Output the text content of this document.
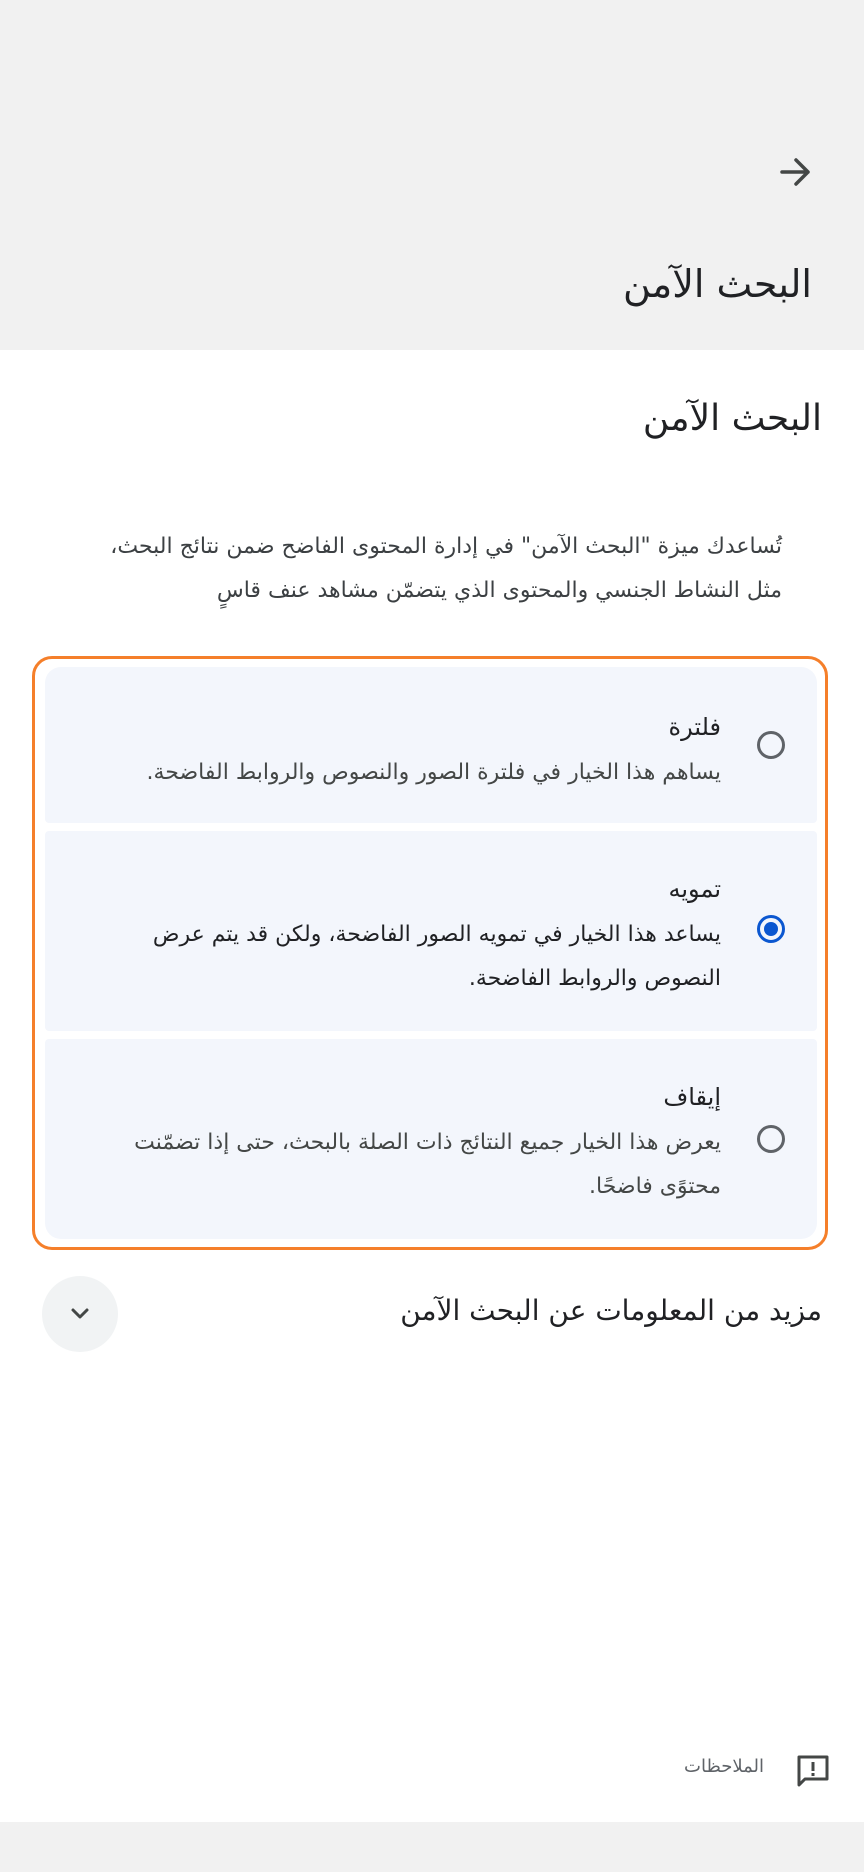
البحث الآمن
البحث الآمن
تُساعدك ميزة "البحث الآمن" في إدارة المحتوى الفاضح ضمن نتائج البحث، مثل النشاط الجنسي والمحتوى الذي يتضمّن مشاهد عنف قاسٍ
فلترة
يساهم هذا الخيار في فلترة الصور والنصوص والروابط الفاضحة.
تمويه
يساعد هذا الخيار في تمويه الصور الفاضحة، ولكن قد يتم عرض النصوص والروابط الفاضحة.
إيقاف
يعرض هذا الخيار جميع النتائج ذات الصلة بالبحث، حتى إذا تضمّنت محتوًى فاضحًا.
مزيد من المعلومات عن البحث الآمن
الملاحظات
